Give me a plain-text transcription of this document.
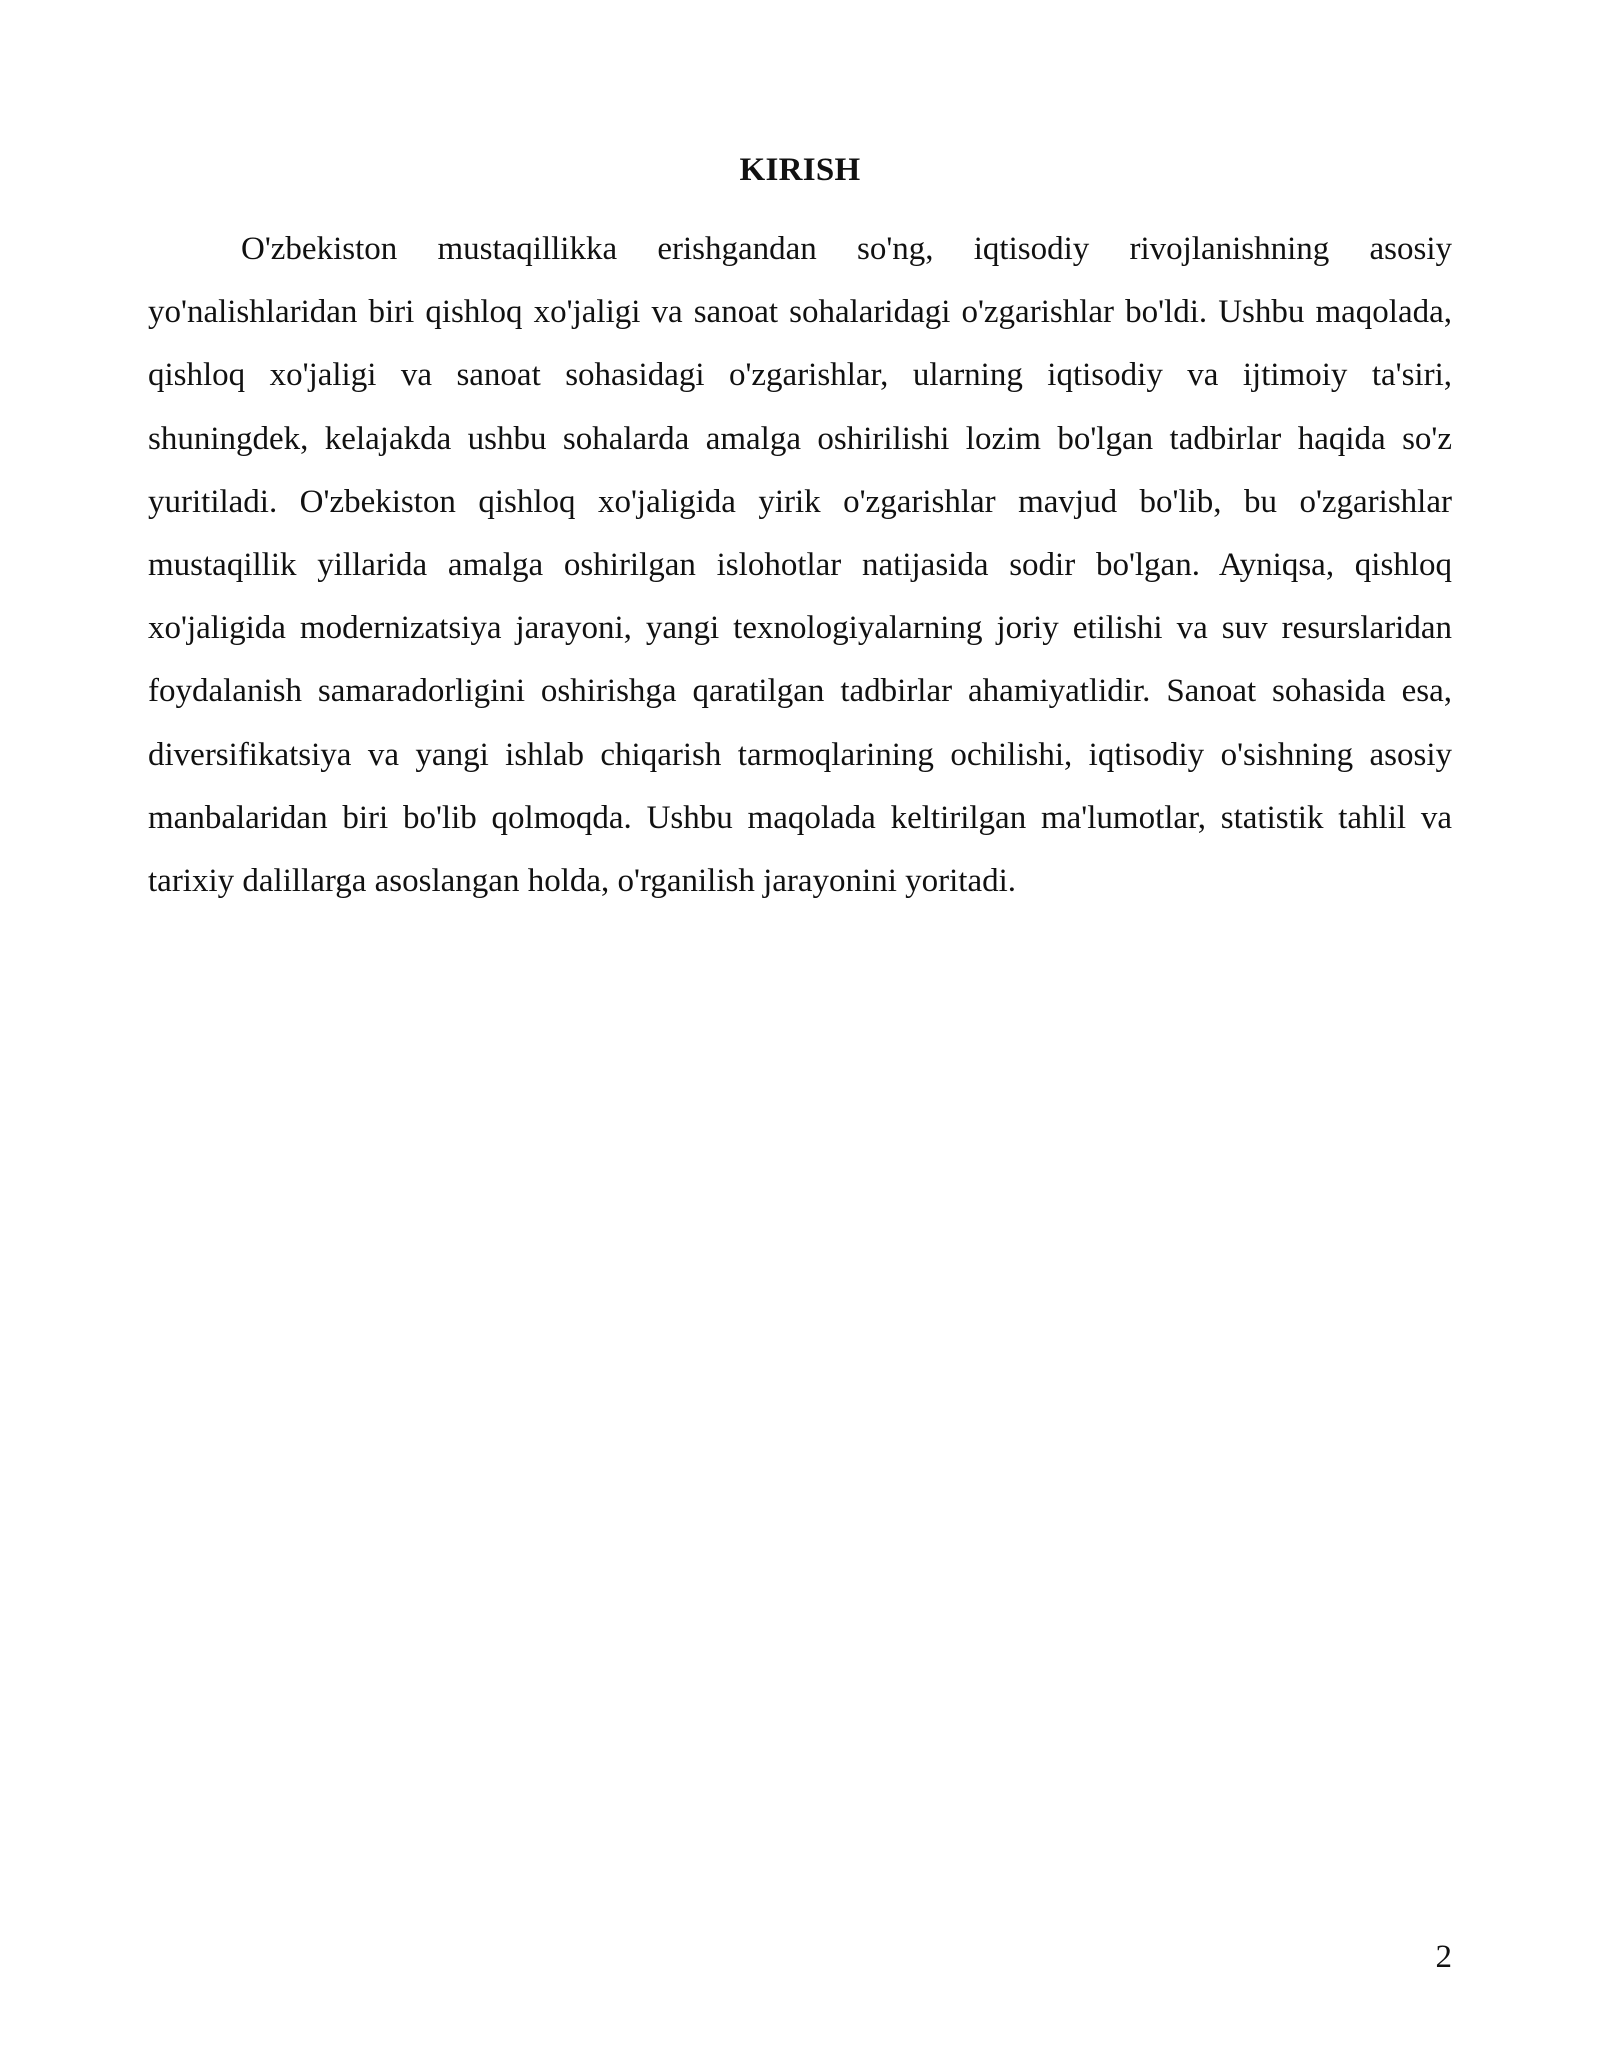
KIRISH

O'zbekiston mustaqillikka erishgandan so'ng, iqtisodiy rivojlanishning asosiy yo'nalishlaridan biri qishloq xo'jaligi va sanoat sohalaridagi o'zgarishlar bo'ldi. Ushbu maqolada, qishloq xo'jaligi va sanoat sohasidagi o'zgarishlar, ularning iqtisodiy va ijtimoiy ta'siri, shuningdek, kelajakda ushbu sohalarda amalga oshirilishi lozim bo'lgan tadbirlar haqida so'z yuritiladi. O'zbekiston qishloq xo'jaligida yirik o'zgarishlar mavjud bo'lib, bu o'zgarishlar mustaqillik yillarida amalga oshirilgan islohotlar natijasida sodir bo'lgan. Ayniqsa, qishloq xo'jaligida modernizatsiya jarayoni, yangi texnologiyalarning joriy etilishi va suv resurslaridan foydalanish samaradorligini oshirishga qaratilgan tadbirlar ahamiyatlidir. Sanoat sohasida esa, diversifikatsiya va yangi ishlab chiqarish tarmoqlarining ochilishi, iqtisodiy o'sishning asosiy manbalaridan biri bo'lib qolmoqda. Ushbu maqolada keltirilgan ma'lumotlar, statistik tahlil va tarixiy dalillarga asoslangan holda, o'rganilish jarayonini yoritadi.

2
